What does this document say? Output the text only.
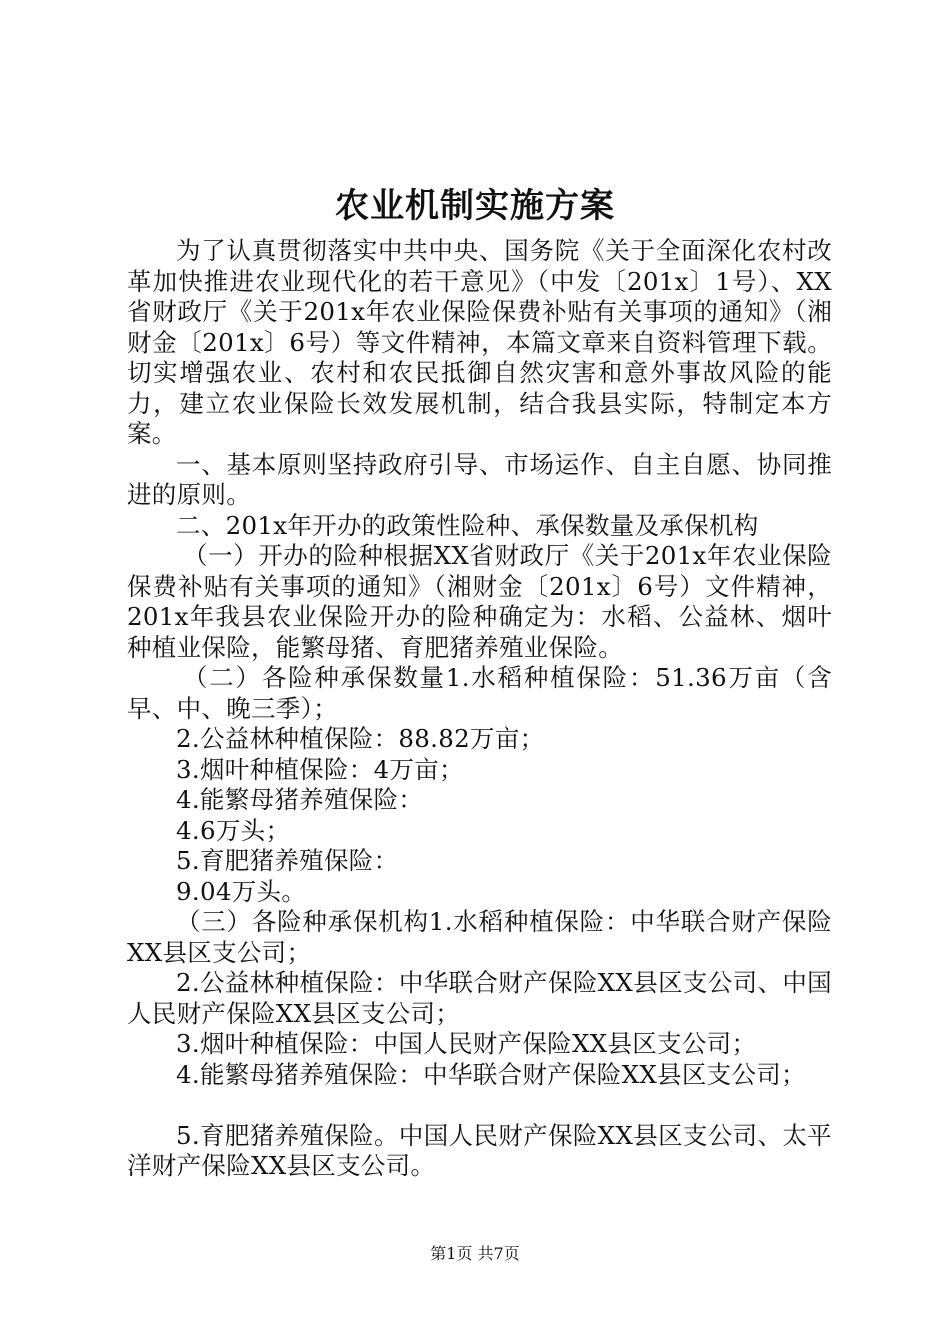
农业机制实施方案

为了认真贯彻落实中共中央、国务院《关于全面深化农村改革加快推进农业现代化的若干意见》（中发〔201x〕1号）、XX省财政厅《关于201x年农业保险保费补贴有关事项的通知》（湘财金〔201x〕6号）等文件精神，本篇文章来自资料管理下载。切实增强农业、农村和农民抵御自然灾害和意外事故风险的能力，建立农业保险长效发展机制，结合我县实际，特制定本方案。

一、基本原则坚持政府引导、市场运作、自主自愿、协同推进的原则。

二、201x年开办的政策性险种、承保数量及承保机构

（一）开办的险种根据XX省财政厅《关于201x年农业保险保费补贴有关事项的通知》（湘财金〔201x〕6号）文件精神，201x年我县农业保险开办的险种确定为：水稻、公益林、烟叶种植业保险，能繁母猪、育肥猪养殖业保险。

（二）各险种承保数量1.水稻种植保险：51.36万亩（含早、中、晚三季）；

2.公益林种植保险：88.82万亩；

3.烟叶种植保险：4万亩；

4.能繁母猪养殖保险：

4.6万头；

5.育肥猪养殖保险：

9.04万头。

（三）各险种承保机构1.水稻种植保险：中华联合财产保险XX县区支公司；

2.公益林种植保险：中华联合财产保险XX县区支公司、中国人民财产保险XX县区支公司；

3.烟叶种植保险：中国人民财产保险XX县区支公司；

4.能繁母猪养殖保险：中华联合财产保险XX县区支公司；

5.育肥猪养殖保险。中国人民财产保险XX县区支公司、太平洋财产保险XX县区支公司。

第1页 共7页
